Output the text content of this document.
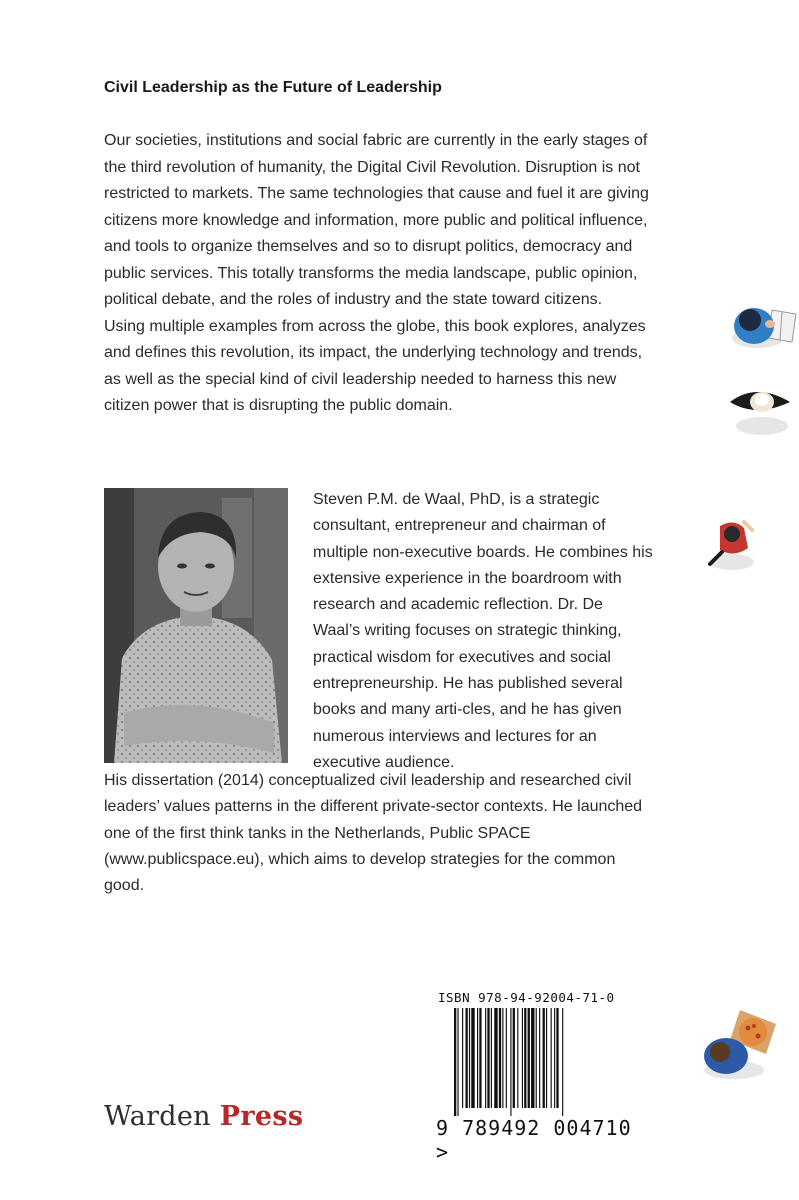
Civil Leadership as the Future of Leadership

Our societies, institutions and social fabric are currently in the early stages of the third revolution of humanity, the Digital Civil Revolution. Disruption is not restricted to markets. The same technologies that cause and fuel it are giving citizens more knowledge and information, more public and political influence, and tools to organize themselves and so to disrupt politics, democracy and public services. This totally transforms the media landscape, public opinion, political debate, and the roles of industry and the state toward citizens.

Using multiple examples from across the globe, this book explores, analyzes and defines this revolution, its impact, the underlying technology and trends, as well as the special kind of civil leadership needed to harness this new citizen power that is disrupting the public domain.

Steven P.M. de Waal, PhD, is a strategic consultant, entrepreneur and chairman of multiple non-executive boards. He combines his extensive experience in the boardroom with research and academic reflection. Dr. De Waal’s writing focuses on strategic thinking, practical wisdom for executives and social entrepreneurship. He has published several books and many arti-cles, and he has given numerous interviews and lectures for an executive audience.

His dissertation (2014) conceptualized civil leadership and researched civil leaders’ values patterns in the different private-sector contexts. He launched one of the first think tanks in the Netherlands, Public SPACE (www.publicspace.eu), which aims to develop strategies for the common good.

ISBN 978-94-92004-71-0
9 789492 004710 >
Warden Press
